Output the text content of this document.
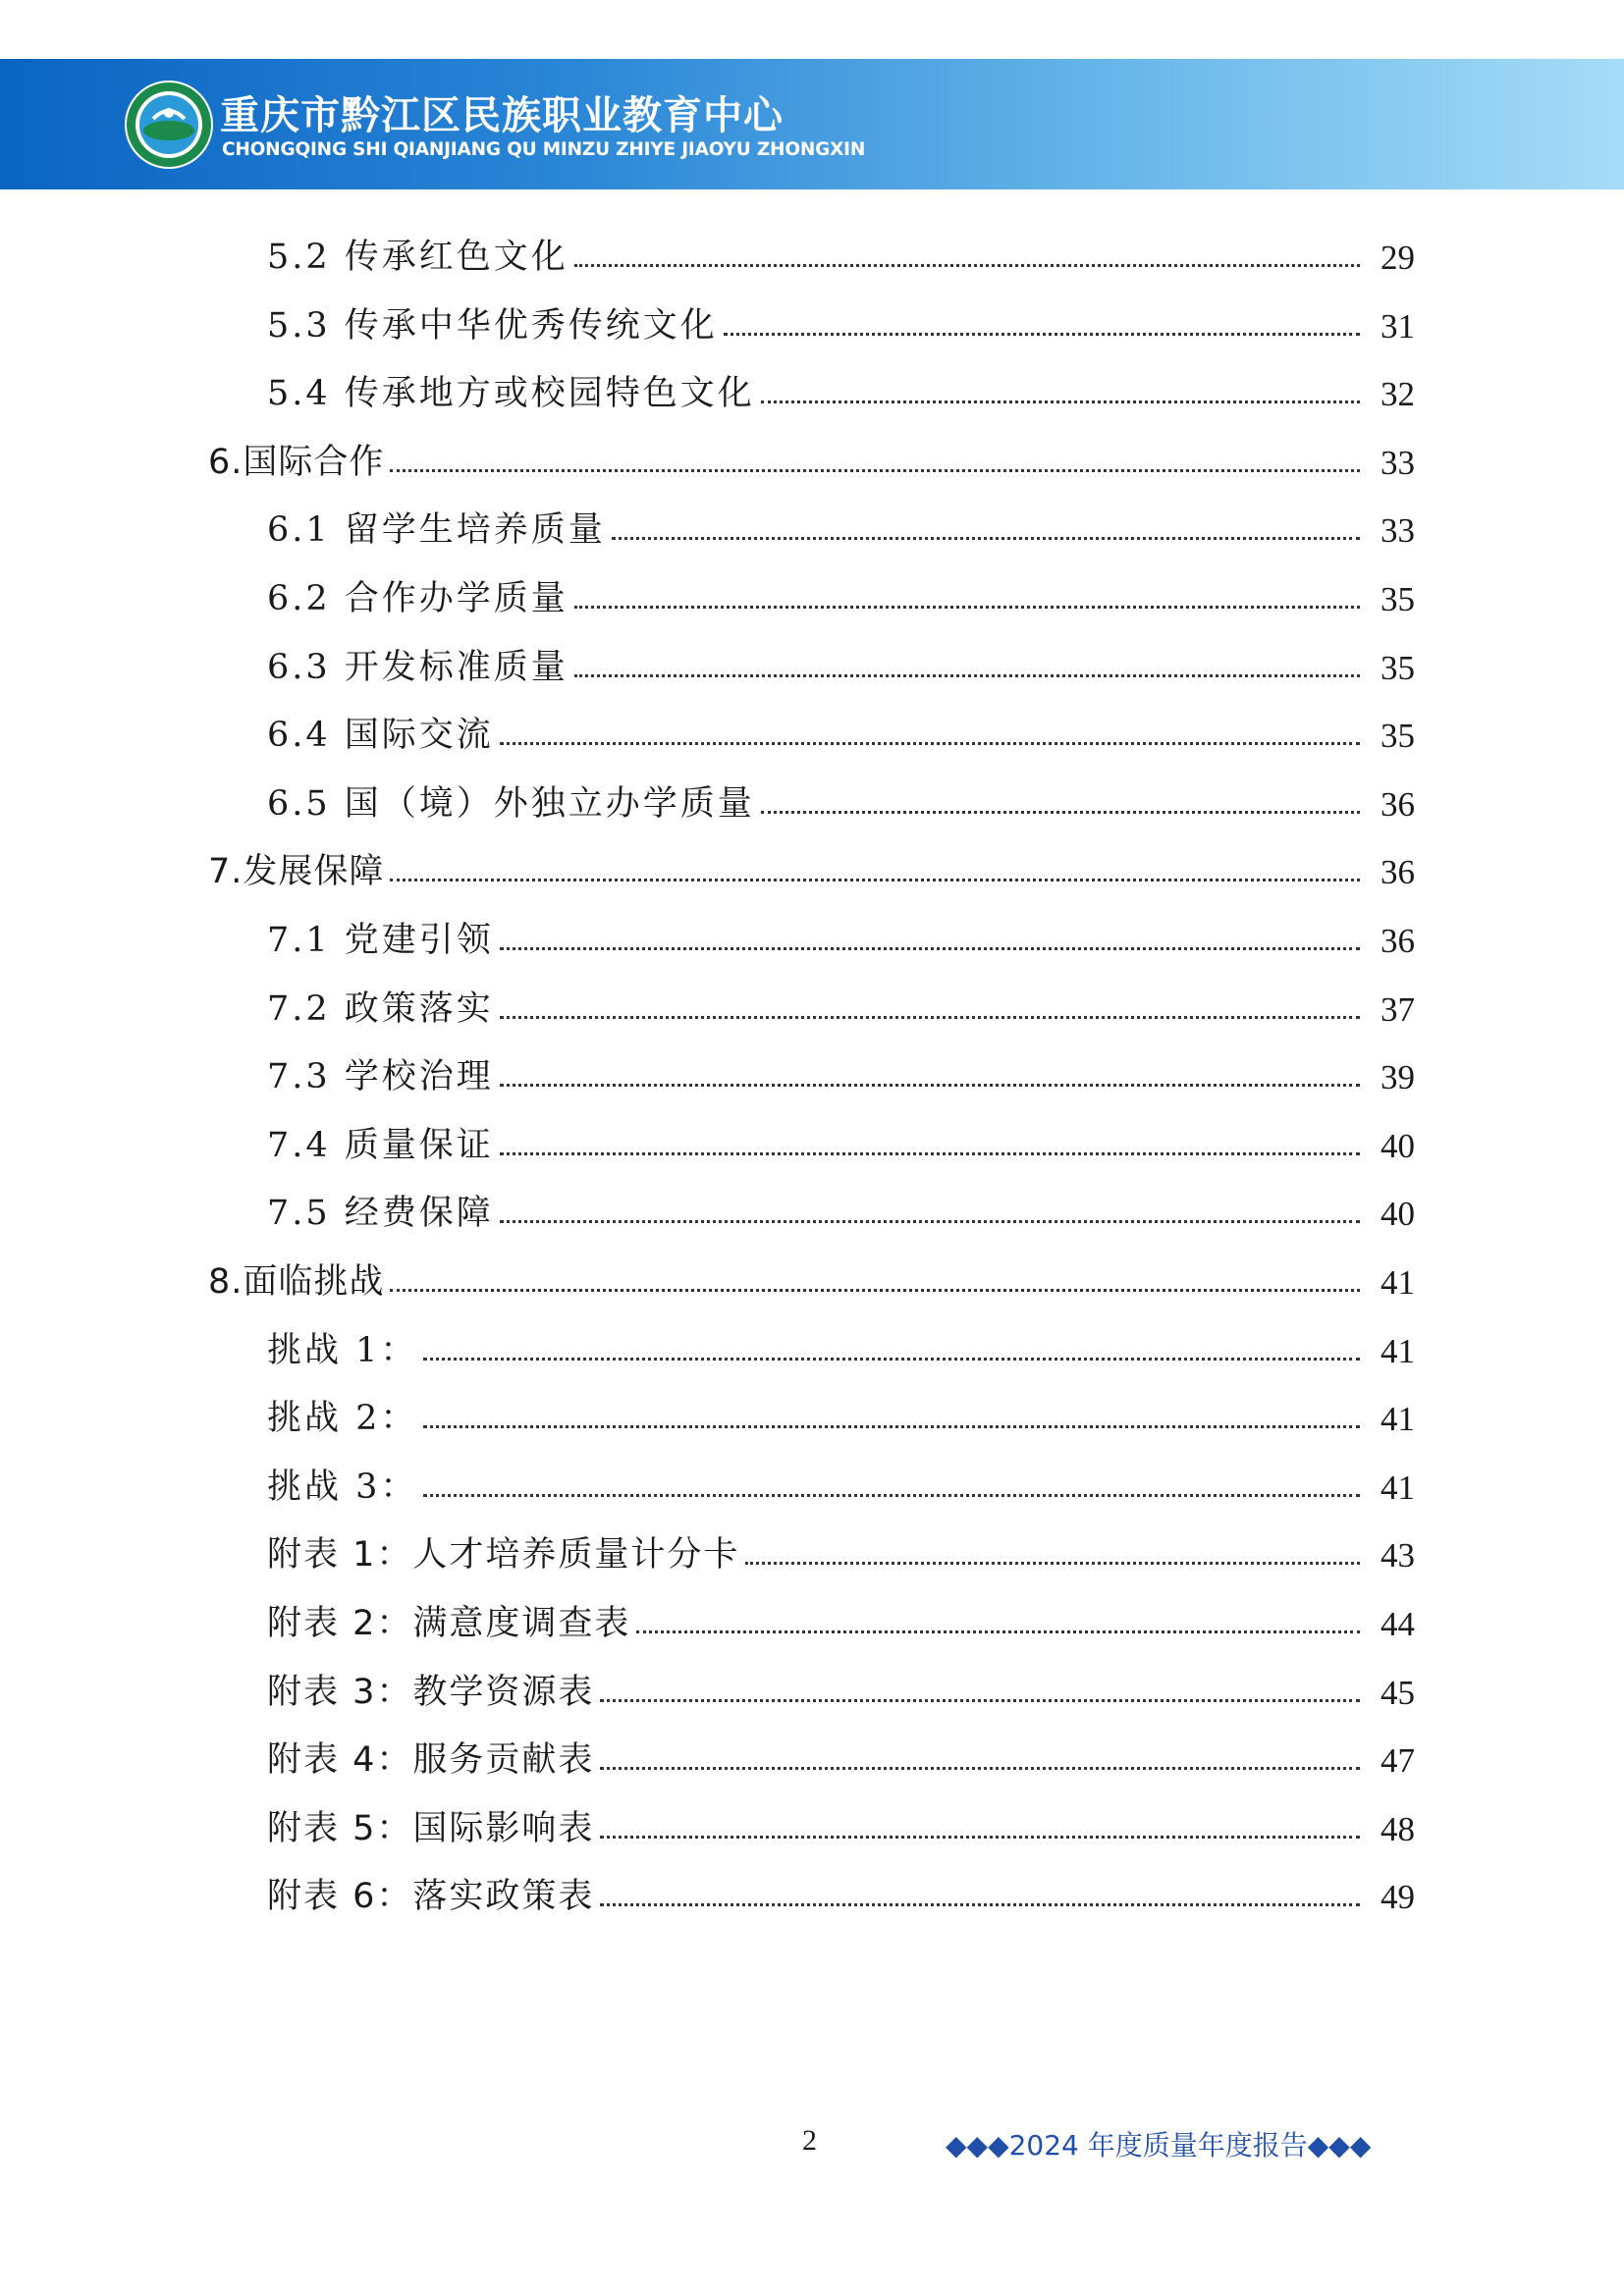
重庆市黔江区民族职业教育中心
CHONGQING SHI QIANJIANG QU MINZU ZHIYE JIAOYU ZHONGXIN
5.2 传承红色文化	29
5.3 传承中华优秀传统文化	31
5.4 传承地方或校园特色文化	32
6.国际合作	33
6.1 留学生培养质量	33
6.2 合作办学质量	35
6.3 开发标准质量	35
6.4 国际交流	35
6.5 国（境）外独立办学质量	36
7.发展保障	36
7.1 党建引领	36
7.2 政策落实	37
7.3 学校治理	39
7.4 质量保证	40
7.5 经费保障	40
8.面临挑战	41
挑战 1：	41
挑战 2：	41
挑战 3：	41
附表 1：人才培养质量计分卡	43
附表 2：满意度调查表	44
附表 3：教学资源表	45
附表 4：服务贡献表	47
附表 5：国际影响表	48
附表 6：落实政策表	49
2	◆◆◆2024 年度质量年度报告◆◆◆
